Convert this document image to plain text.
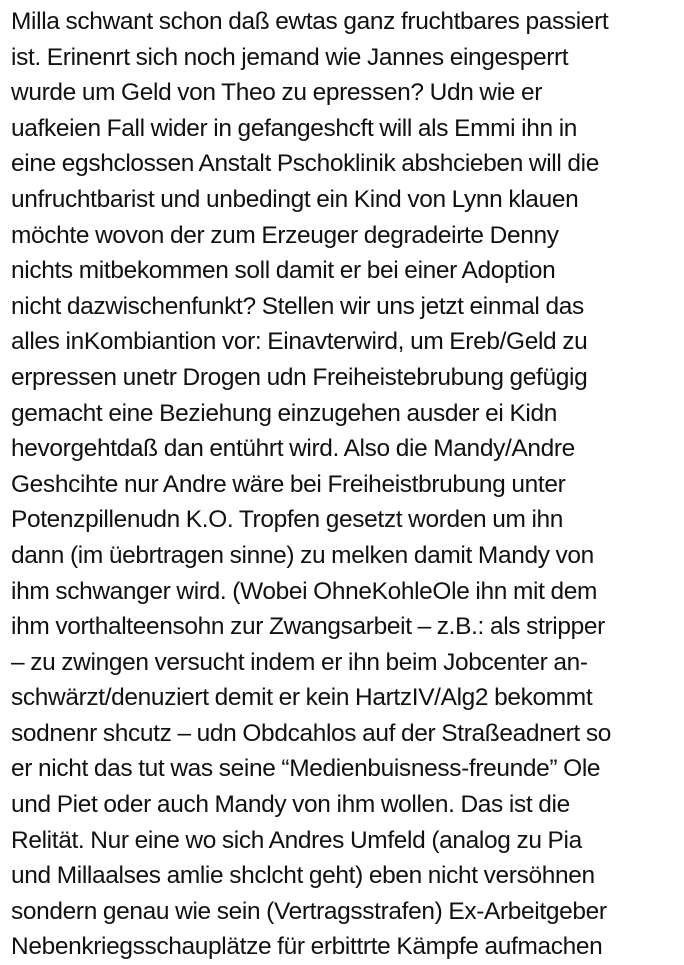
Milla schwant schon daß ewtas ganz fruchtbares passiert
ist. Erinenrt sich noch jemand wie Jannes eingesperrt
wurde um Geld von Theo zu epressen? Udn wie er
uafkeien Fall wider in gefangeshcft will als Emmi ihn in
eine egshclossen Anstalt Pschoklinik abshcieben will die
unfruchtbarist und unbedingt ein Kind von Lynn klauen
möchte wovon der zum Erzeuger degradeirte Denny
nichts mitbekommen soll damit er bei einer Adoption
nicht dazwischenfunkt? Stellen wir uns jetzt einmal das
alles inKombiantion vor: Einavterwird, um Ereb/Geld zu
erpressen unetr Drogen udn Freiheistebrubung gefügig
gemacht eine Beziehung einzugehen ausder ei Kidn
hevorgehtdaß dan entührt wird. Also die Mandy/Andre
Geshcihte nur Andre wäre bei Freiheistbrubung unter
Potenzpillenudn K.O. Tropfen gesetzt worden um ihn
dann (im üebrtragen sinne) zu melken damit Mandy von
ihm schwanger wird. (Wobei OhneKohleOle ihn mit dem
ihm vorthalteensohn zur Zwangsarbeit – z.B.: als stripper
– zu zwingen versucht indem er ihn beim Jobcenter an-
schwärzt/denuziert demit er kein HartzIV/Alg2 bekommt
sodnenr shcutz – udn Obdcahlos auf der Straßeadnert so
er nicht das tut was seine “Medienbuisness-freunde” Ole
und Piet oder auch Mandy von ihm wollen. Das ist die
Relität. Nur eine wo sich Andres Umfeld (analog zu Pia
und Millaalses amlie shclcht geht) eben nicht versöhnen
sondern genau wie sein (Vertragsstrafen) Ex-Arbeitgeber
Nebenkriegsschauplätze für erbittrte Kämpfe aufmachen
